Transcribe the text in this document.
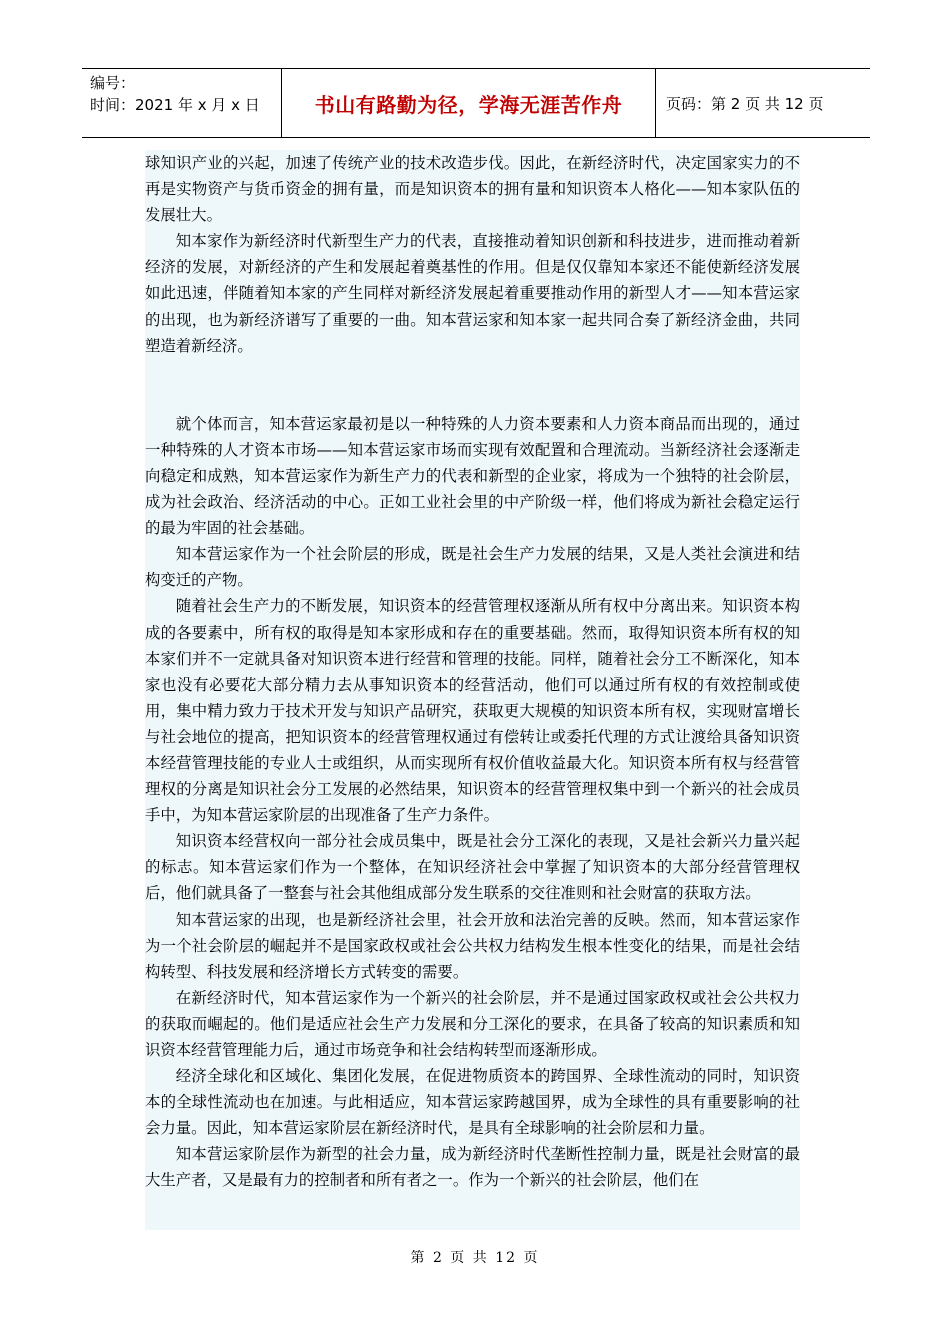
编号：
时间：2021 年 x 月 x 日	书山有路勤为径，学海无涯苦作舟	页码：第 2 页 共 12 页

球知识产业的兴起，加速了传统产业的技术改造步伐。因此，在新经济时代，决定国家实力的不再是实物资产与货币资金的拥有量，而是知识资本的拥有量和知识资本人格化——知本家队伍的发展壮大。

知本家作为新经济时代新型生产力的代表，直接推动着知识创新和科技进步，进而推动着新经济的发展，对新经济的产生和发展起着奠基性的作用。但是仅仅靠知本家还不能使新经济发展如此迅速，伴随着知本家的产生同样对新经济发展起着重要推动作用的新型人才——知本营运家的出现，也为新经济谱写了重要的一曲。知本营运家和知本家一起共同合奏了新经济金曲，共同塑造着新经济。

就个体而言，知本营运家最初是以一种特殊的人力资本要素和人力资本商品而出现的，通过一种特殊的人才资本市场——知本营运家市场而实现有效配置和合理流动。当新经济社会逐渐走向稳定和成熟，知本营运家作为新生产力的代表和新型的企业家，将成为一个独特的社会阶层，成为社会政治、经济活动的中心。正如工业社会里的中产阶级一样，他们将成为新社会稳定运行的最为牢固的社会基础。

知本营运家作为一个社会阶层的形成，既是社会生产力发展的结果，又是人类社会演进和结构变迁的产物。

随着社会生产力的不断发展，知识资本的经营管理权逐渐从所有权中分离出来。知识资本构成的各要素中，所有权的取得是知本家形成和存在的重要基础。然而，取得知识资本所有权的知本家们并不一定就具备对知识资本进行经营和管理的技能。同样，随着社会分工不断深化，知本家也没有必要花大部分精力去从事知识资本的经营活动，他们可以通过所有权的有效控制或使用，集中精力致力于技术开发与知识产品研究，获取更大规模的知识资本所有权，实现财富增长与社会地位的提高，把知识资本的经营管理权通过有偿转让或委托代理的方式让渡给具备知识资本经营管理技能的专业人士或组织，从而实现所有权价值收益最大化。知识资本所有权与经营管理权的分离是知识社会分工发展的必然结果，知识资本的经营管理权集中到一个新兴的社会成员手中，为知本营运家阶层的出现准备了生产力条件。

知识资本经营权向一部分社会成员集中，既是社会分工深化的表现，又是社会新兴力量兴起的标志。知本营运家们作为一个整体，在知识经济社会中掌握了知识资本的大部分经营管理权后，他们就具备了一整套与社会其他组成部分发生联系的交往准则和社会财富的获取方法。

知本营运家的出现，也是新经济社会里，社会开放和法治完善的反映。然而，知本营运家作为一个社会阶层的崛起并不是国家政权或社会公共权力结构发生根本性变化的结果，而是社会结构转型、科技发展和经济增长方式转变的需要。

在新经济时代，知本营运家作为一个新兴的社会阶层，并不是通过国家政权或社会公共权力的获取而崛起的。他们是适应社会生产力发展和分工深化的要求，在具备了较高的知识素质和知识资本经营管理能力后，通过市场竞争和社会结构转型而逐渐形成。

经济全球化和区域化、集团化发展，在促进物质资本的跨国界、全球性流动的同时，知识资本的全球性流动也在加速。与此相适应，知本营运家跨越国界，成为全球性的具有重要影响的社会力量。因此，知本营运家阶层在新经济时代，是具有全球影响的社会阶层和力量。

知本营运家阶层作为新型的社会力量，成为新经济时代垄断性控制力量，既是社会财富的最大生产者，又是最有力的控制者和所有者之一。作为一个新兴的社会阶层，他们在

第 2 页 共 12 页
